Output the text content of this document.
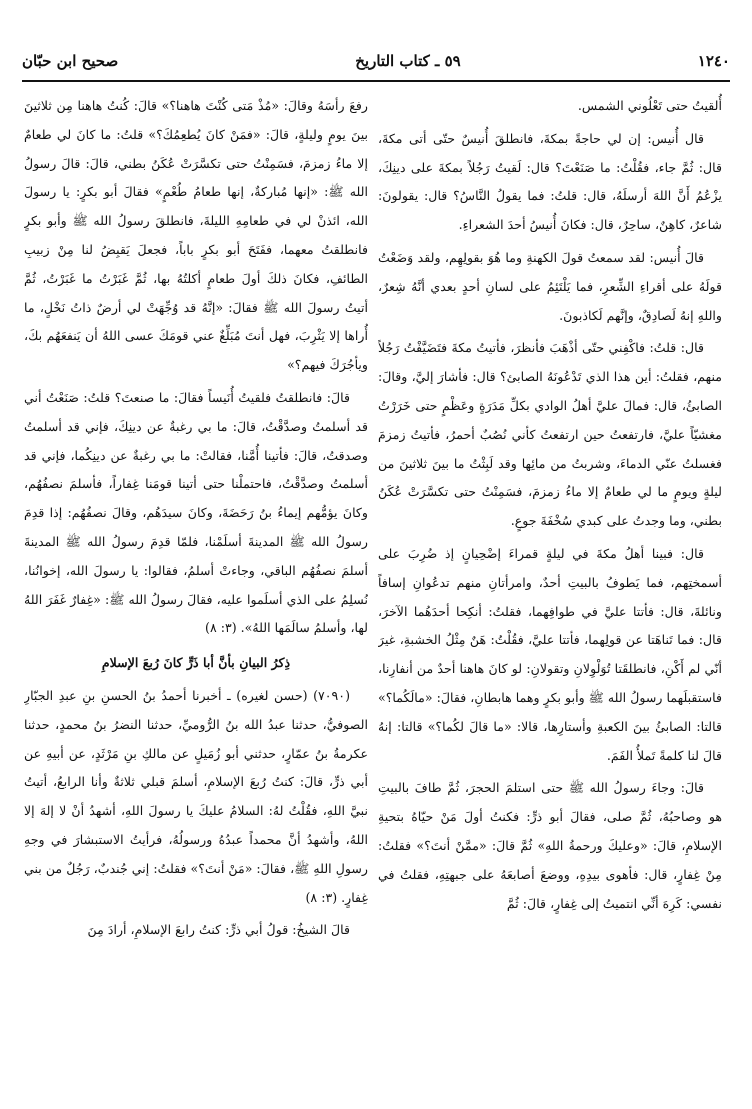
١٢٤٠
٥٩ ـ كتاب التاريخ
صحيح ابن حبّان

أُلقيتُ حتى تَعْلُوني الشمس.

قال أُنيس: إن لي حاجةً بمكةَ، فانطلقَ أُنيسٌ حتّى أتى مكةَ، قال: ثُمَّ جاء، فقُلْتُ: ما صَنَعْتَ؟ قال: لَقيتُ رَجُلاً بمكةَ على دينِكَ، يزْعُمُ أَنَّ اللهَ أرسلَهُ، قال: قلتُ: فما يقولُ النَّاسُ؟ قال: يقولونَ: شاعرٌ، كاهِنٌ، ساحِرٌ، قال: فكانَ أُنيسُ أحدَ الشعراءِ.

قالَ أُنيس: لقد سمعتُ قولَ الكهنةِ وما هُوَ بقولِهِم، ولقد وَضَعْتُ قولَهُ على أقراءِ الشِّعرِ، فما يَلْتَئِمُ على لسانِ أحدٍ بعدي أنَّهُ شِعرٌ، واللهِ إنهُ لَصادِقٌ، وإنَّهم لَكاذبونَ.

قال: قلتُ: فاكْفِني حتّى أذْهَبَ فأنظرَ، فأتيتُ مكةَ فتَضَيَّفْتُ رَجُلاً منهم، فقلتُ: أين هذا الذي تَدْعُونَهُ الصابئ؟ قال: فأشارَ إليَّ، وقالَ: الصابئُ، قال: فمالَ عليَّ أهلُ الوادي بكلِّ مَدَرَةٍ وعَظْمٍ حتى خَرَرْتُ مغشيّاً عليَّ، فارتفعتُ حين ارتفعتُ كأني نُصُبٌ أحمرُ، فأتيتُ زمزمَ فغسلتُ عنّي الدماءَ، وشربتُ من مائِها وقد لَبِثْتُ ما بينَ ثلاثينَ من ليلةٍ ويومٍ ما لي طعامٌ إلا ماءُ زمزمَ، فسَمِنْتُ حتى تكسَّرَتْ عُكَنُ بطني، وما وجدتُ على كبدي سُخْفَةَ جوعٍ.

قال: فبينا أهلُ مكةَ في ليلةٍ قمراءَ إضْحِيانٍ إذ ضُرِبَ على أسمختِهم، فما يَطوفُ بالبيتِ أحدٌ، وامرأتانِ منهم تدعُوانِ إسافاً ونائلةَ، قال: فأتتا عليَّ في طوافِهما، فقلتُ: أنكِحا أحدَهُما الآخرَ، قال: فما تَناهَتا عن قولِهما، فأتتا عليَّ، فقُلْتُ: هَنٌ مِثْلُ الخشبةِ، غيرَ أنّي لم أَكْنِ، فانطلقَتا تُوَلْوِلانِ وتقولانِ: لو كانَ هاهنا أحدٌ من أنفارِنا، فاستقبلَهما رسولُ الله ﷺ وأبو بكرٍ وهما هابطانِ، فقالَ: «مالَكُما؟» قالتا: الصابئُ بينَ الكعبةِ وأستارِها، قالا: «ما قالَ لكُما؟» قالتا: إنهُ قالَ لنا كلمةً تَملأُ الفَمَ.

قالَ: وجاءَ رسولُ الله ﷺ حتى استلمَ الحجرَ، ثُمَّ طافَ بالبيتِ هو وصاحبُهُ، ثُمَّ صلى، فقالَ أبو ذرٍّ: فكنتُ أولَ مَنْ حيّاهُ بتحيةِ الإسلامِ، قالَ: «وعليكَ ورحمةُ اللهِ» ثُمَّ قالَ: «ممَّنْ أنتَ؟» فقلتُ: مِنْ غِفارٍ، قال: فأهوى بيدِهِ، ووضعَ أصابعَهُ على جبهتِهِ، فقلتُ في نفسي: كَرِهَ أنِّي انتميتُ إلى غِفارٍ، قالَ: ثُمَّ

رفعَ رأسَهُ وقالَ: «مُذْ مَتى كُنْتَ هاهنا؟» قالَ: كُنتُ هاهنا مِن ثلاثينَ بينَ يومٍ وليلةٍ، قالَ: «فمَنْ كانَ يُطعِمُكَ؟» قلتُ: ما كانَ لي طعامٌ إلا ماءُ زمزمَ، فسَمِنْتُ حتى تكسَّرَتْ عُكَنُ بطني، قالَ: قالَ رسولُ الله ﷺ: «إنها مُباركةٌ، إنها طعامُ طُعْمٍ» فقالَ أبو بكرٍ: يا رسولَ الله، ائذنْ لي في طعامِهِ الليلةَ، فانطلقَ رسولُ الله ﷺ وأبو بكرٍ فانطلقتُ معهما، ففَتَحَ أبو بكرٍ باباً، فجعلَ يَقبِضُ لنا مِنْ زبيبِ الطائفِ، فكانَ ذلكَ أولَ طعامٍ أكلتُهُ بها، ثُمَّ غَبَرْتُ ما غَبَرْتُ، ثُمَّ أتيتُ رسولَ الله ﷺ فقالَ: «إنَّهُ قد وُجِّهَتْ لي أرضٌ ذاتُ نَخْلٍ، ما أُراها إلا يَثْرِبَ، فهل أنتَ مُبَلِّغٌ عني قومَكَ عسى اللهُ أن يَنفعَهُم بكَ، ويأجُرَكَ فيهم؟»

قالَ: فانطلقتُ فلقيتُ أُنَيساً فقالَ: ما صنعتَ؟ قلتُ: صَنَعْتُ أني قد أسلمتُ وصدَّقْتُ، قالَ: ما بي رغبةٌ عن دينِكَ، فإني قد أسلمتُ وصدقتُ، قالَ: فأتينا أُمَّنا، فقالتْ: ما بي رغبةٌ عن دينِكُما، فإني قد أسلمتُ وصدَّقْتُ، فاحتملْنا حتى أتينا قومَنا غِفاراً، فأسلمَ نصفُهُم، وكانَ يؤمُّهم إيماءُ بنُ رَحَضَةَ، وكانَ سيدَهُم، وقالَ نصفُهُم: إذا قدِمَ رسولُ الله ﷺ المدينةَ أسلَمْنا، فلمّا قدِمَ رسولُ الله ﷺ المدينةَ أسلمَ نصفُهُم الباقي، وجاءتْ أسلمُ، فقالوا: يا رسولَ الله، إخوانُنا، نُسلِمُ على الذي أسلَموا عليه، فقالَ رسولُ الله ﷺ: «غِفارٌ غَفَرَ اللهُ لها، وأسلمُ سالَمَها اللهُ». (٣: ٨)

ذِكرُ البيانِ بأنَّ أبا ذَرٍّ كانَ رُبعَ الإسلامِ

(٧٠٩٠) (حسن لغيره) ـ أخبرنا أحمدُ بنُ الحسنِ بنِ عبدِ الجبّارِ الصوفيُّ، حدثنا عبدُ الله بنُ الرُّوميِّ، حدثنا النضرُ بنُ محمدٍ، حدثنا عكرمةُ بنُ عمّارٍ، حدثني أبو زُمَيلٍ عن مالكِ بنِ مَرْثَدٍ، عن أبيهِ عن أبي ذرٍّ، قالَ: كنتُ رُبعَ الإسلامِ، أسلمَ قبلي ثلاثةٌ وأنا الرابعُ، أتيتُ نبيَّ اللهِ، فقُلْتُ لهُ: السلامُ عليكَ يا رسولَ اللهِ، أشهدُ أنْ لا إلهَ إلا اللهُ، وأشهدُ أنَّ محمداً عبدُهُ ورسولُهُ، فرأيتُ الاستبشارَ في وجهِ رسولِ اللهِ ﷺ، فقالَ: «مَنْ أنتَ؟» فقلتُ: إني جُندبٌ، رَجُلٌ من بني غِفارٍ. (٣: ٨)

قالَ الشيخُ: قولُ أبي ذرٍّ: كنتُ رابعَ الإسلامِ، أرادَ مِنَ
